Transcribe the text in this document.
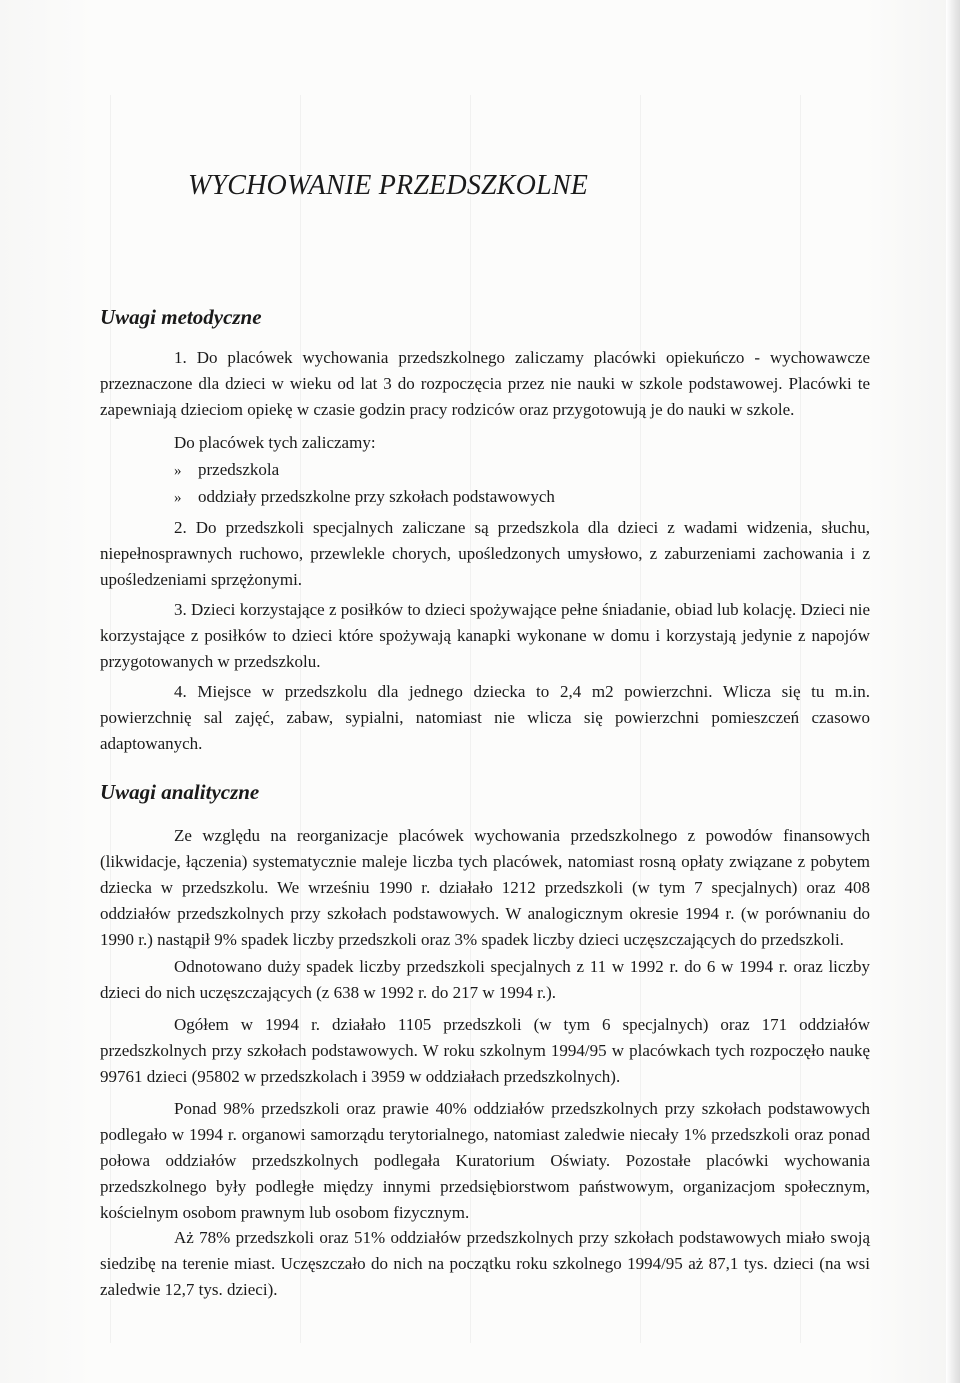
WYCHOWANIE PRZEDSZKOLNE
Uwagi metodyczne

1. Do placówek wychowania przedszkolnego zaliczamy placówki opiekuńczo - wychowawcze przeznaczone dla dzieci w wieku od lat 3 do rozpoczęcia przez nie nauki w szkole podstawowej. Placówki te zapewniają dzieciom opiekę w czasie godzin pracy rodziców oraz przygotowują je do nauki w szkole.

Do placówek tych zaliczamy:

» przedszkola
» oddziały przedszkolne przy szkołach podstawowych

2. Do przedszkoli specjalnych zaliczane są przedszkola dla dzieci z wadami widzenia, słuchu, niepełnosprawnych ruchowo, przewlekle chorych, upośledzonych umysłowo, z zaburzeniami zachowania i z upośledzeniami sprzężonymi.

3. Dzieci korzystające z posiłków to dzieci spożywające pełne śniadanie, obiad lub kolację. Dzieci nie korzystające z posiłków to dzieci które spożywają kanapki wykonane w domu i korzystają jedynie z napojów przygotowanych w przedszkolu.

4. Miejsce w przedszkolu dla jednego dziecka to 2,4 m2 powierzchni. Wlicza się tu m.in. powierzchnię sal zajęć, zabaw, sypialni, natomiast nie wlicza się powierzchni pomieszczeń czasowo adaptowanych.

Uwagi analityczne

Ze względu na reorganizacje placówek wychowania przedszkolnego z powodów finansowych (likwidacje, łączenia) systematycznie maleje liczba tych placówek, natomiast rosną opłaty związane z pobytem dziecka w przedszkolu. We wrześniu 1990 r. działało 1212 przedszkoli (w tym 7 specjalnych) oraz 408 oddziałów przedszkolnych przy szkołach podstawowych. W analogicznym okresie 1994 r. (w porównaniu do 1990 r.) nastąpił 9% spadek liczby przedszkoli oraz 3% spadek liczby dzieci uczęszczających do przedszkoli.

Odnotowano duży spadek liczby przedszkoli specjalnych z 11 w 1992 r. do 6 w 1994 r. oraz liczby dzieci do nich uczęszczających (z 638 w 1992 r. do 217 w 1994 r.).

Ogółem w 1994 r. działało 1105 przedszkoli (w tym 6 specjalnych) oraz 171 oddziałów przedszkolnych przy szkołach podstawowych. W roku szkolnym 1994/95 w placówkach tych rozpoczęło naukę 99761 dzieci (95802 w przedszkolach i 3959 w oddziałach przedszkolnych).

Ponad 98% przedszkoli oraz prawie 40% oddziałów przedszkolnych przy szkołach podstawowych podlegało w 1994 r. organowi samorządu terytorialnego, natomiast zaledwie niecały 1% przedszkoli oraz ponad połowa oddziałów przedszkolnych podlegała Kuratorium Oświaty. Pozostałe placówki wychowania przedszkolnego były podległe między innymi przedsiębiorstwom państwowym, organizacjom społecznym, kościelnym osobom prawnym lub osobom fizycznym.

Aż 78% przedszkoli oraz 51% oddziałów przedszkolnych przy szkołach podstawowych miało swoją siedzibę na terenie miast. Uczęszczało do nich na początku roku szkolnego 1994/95 aż 87,1 tys. dzieci (na wsi zaledwie 12,7 tys. dzieci).
